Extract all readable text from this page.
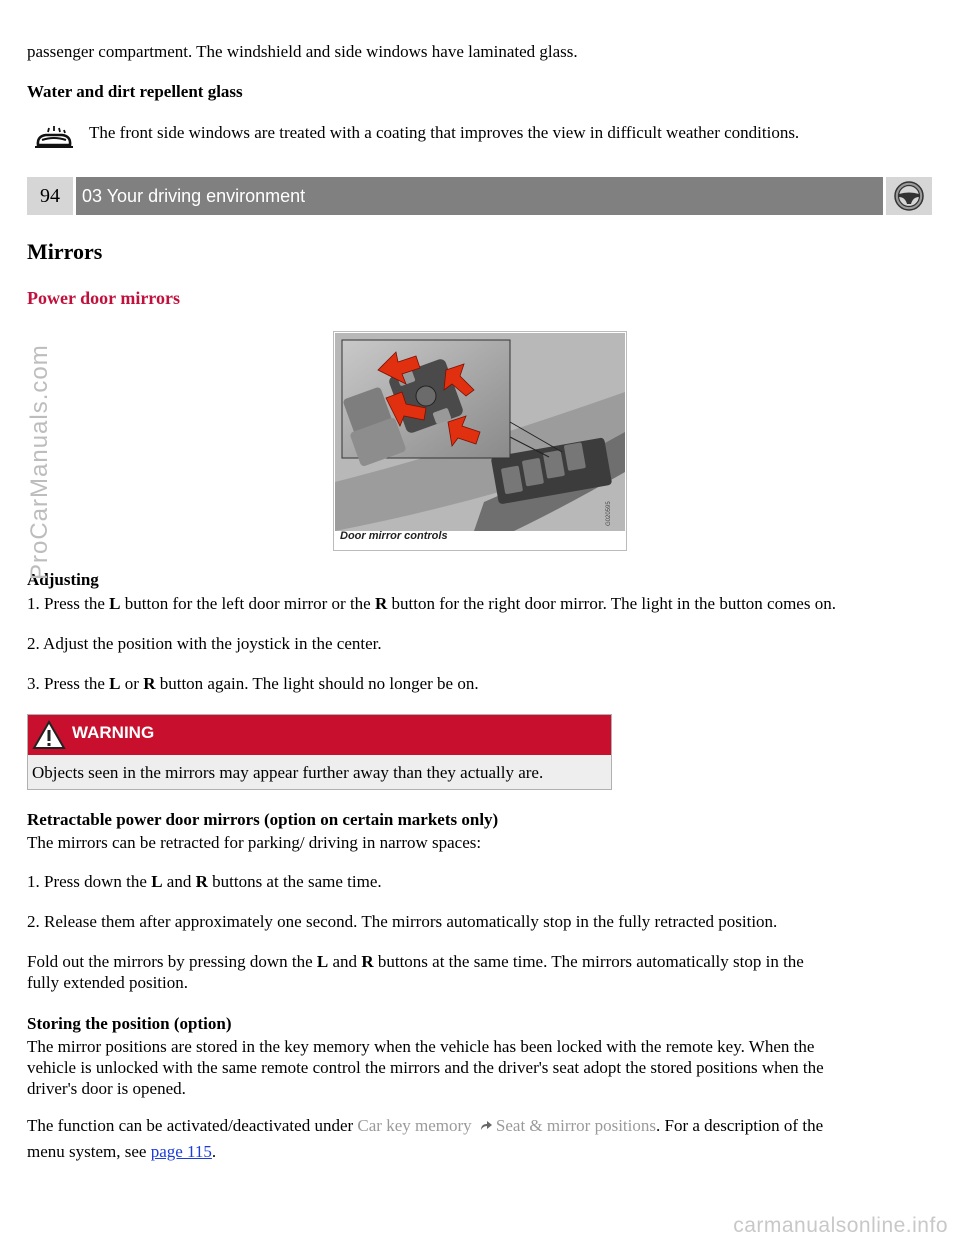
passenger compartment. The windshield and side windows have laminated glass.

Water and dirt repellent glass

The front side windows are treated with a coating that improves the view in difficult weather conditions.

94	03 Your driving environment

Mirrors

Power door mirrors

G020595
Door mirror controls

Adjusting

1. Press the L button for the left door mirror or the R button for the right door mirror. The light in the button comes on.

2. Adjust the position with the joystick in the center.

3. Press the L or R button again. The light should no longer be on.

WARNING

Objects seen in the mirrors may appear further away than they actually are.

Retractable power door mirrors (option on certain markets only)

The mirrors can be retracted for parking/ driving in narrow spaces:

1. Press down the L and R buttons at the same time.

2. Release them after approximately one second. The mirrors automatically stop in the fully retracted position.

Fold out the mirrors by pressing down the L and R buttons at the same time. The mirrors automatically stop in the

fully extended position.

Storing the position (option)

The mirror positions are stored in the key memory when the vehicle has been locked with the remote key. When the

vehicle is unlocked with the same remote control the mirrors and the driver's seat adopt the stored positions when the

driver's door is opened.

The function can be activated/deactivated under Car key memory Seat & mirror positions. For a description of the

menu system, see page 115.

ProCarManuals.com
carmanualsonline.info
